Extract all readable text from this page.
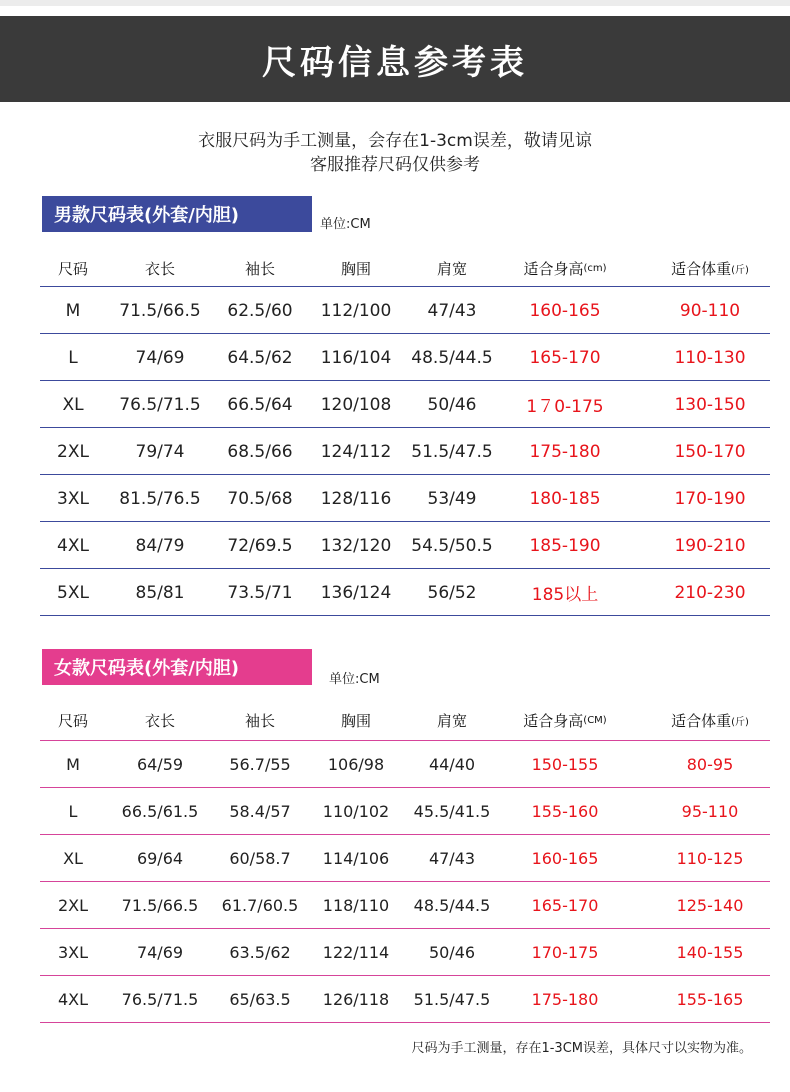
尺码信息参考表
衣服尺码为手工测量，会存在1-3cm误差，敬请见谅
客服推荐尺码仅供参考
男款尺码表(外套/内胆)	单位:CM
尺码	衣长	袖长	胸围	肩宽	适合身高 (cm)	适合体重 (斤)
M	71.5/66.5	62.5/60	112/100	47/43	160-165	90-110
L	74/69	64.5/62	116/104	48.5/44.5	165-170	110-130
XL	76.5/71.5	66.5/64	120/108	50/46	1７0-175	130-150
2XL	79/74	68.5/66	124/112	51.5/47.5	175-180	150-170
3XL	81.5/76.5	70.5/68	128/116	53/49	180-185	170-190
4XL	84/79	72/69.5	132/120	54.5/50.5	185-190	190-210
5XL	85/81	73.5/71	136/124	56/52	185以上	210-230
女款尺码表(外套/内胆)
单位:CM
尺码	衣长	袖长	胸围	肩宽	适合身高 (CM)	适合体重 (斤)
M	64/59	56.7/55	106/98	44/40	150-155	80-95
L	66.5/61.5	58.4/57	110/102	45.5/41.5	155-160	95-110
XL	69/64	60/58.7	114/106	47/43	160-165	110-125
2XL	71.5/66.5	61.7/60.5	118/110	48.5/44.5	165-170	125-140
3XL	74/69	63.5/62	122/114	50/46	170-175	140-155
4XL	76.5/71.5	65/63.5	126/118	51.5/47.5	175-180	155-165
尺码为手工测量，存在1-3CM误差，具体尺寸以实物为准。
